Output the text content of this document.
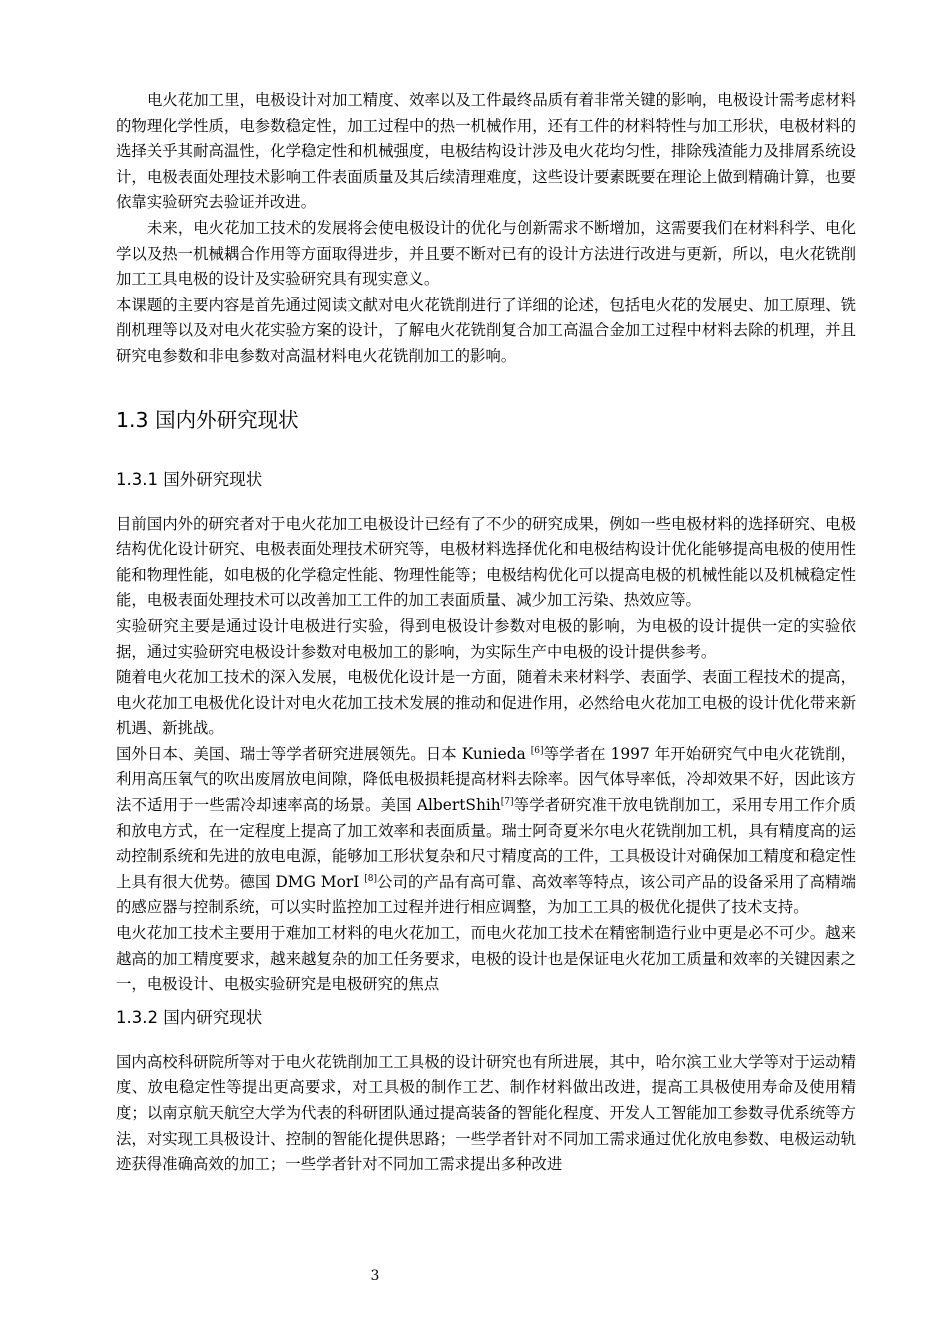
电火花加工里，电极设计对加工精度、效率以及工件最终品质有着非常关键的影响，电极设计需考虑材料的物理化学性质，电参数稳定性，加工过程中的热一机械作用，还有工件的材料特性与加工形状，电极材料的选择关乎其耐高温性，化学稳定性和机械强度，电极结构设计涉及电火花均匀性，排除残渣能力及排屑系统设计，电极表面处理技术影响工件表面质量及其后续清理难度，这些设计要素既要在理论上做到精确计算，也要依靠实验研究去验证并改进。

未来，电火花加工技术的发展将会使电极设计的优化与创新需求不断增加，这需要我们在材料科学、电化学以及热一机械耦合作用等方面取得进步，并且要不断对已有的设计方法进行改进与更新，所以，电火花铣削加工工具电极的设计及实验研究具有现实意义。

本课题的主要内容是首先通过阅读文献对电火花铣削进行了详细的论述，包括电火花的发展史、加工原理、铣削机理等以及对电火花实验方案的设计，了解电火花铣削复合加工高温合金加工过程中材料去除的机理，并且研究电参数和非电参数对高温材料电火花铣削加工的影响。

1.3 国内外研究现状
1.3.1 国外研究现状

目前国内外的研究者对于电火花加工电极设计已经有了不少的研究成果，例如一些电极材料的选择研究、电极结构优化设计研究、电极表面处理技术研究等，电极材料选择优化和电极结构设计优化能够提高电极的使用性能和物理性能，如电极的化学稳定性能、物理性能等；电极结构优化可以提高电极的机械性能以及机械稳定性能，电极表面处理技术可以改善加工工件的加工表面质量、减少加工污染、热效应等。

实验研究主要是通过设计电极进行实验，得到电极设计参数对电极的影响，为电极的设计提供一定的实验依据，通过实验研究电极设计参数对电极加工的影响，为实际生产中电极的设计提供参考。

随着电火花加工技术的深入发展，电极优化设计是一方面，随着未来材料学、表面学、表面工程技术的提高，电火花加工电极优化设计对电火花加工技术发展的推动和促进作用，必然给电火花加工电极的设计优化带来新机遇、新挑战。

国外日本、美国、瑞士等学者研究进展领先。日本 Kunieda [6]等学者在 1997 年开始研究气中电火花铣削，利用高压氧气的吹出废屑放电间隙，降低电极损耗提高材料去除率。因气体导率低，冷却效果不好，因此该方法不适用于一些需冷却速率高的场景。美国 AlbertShih[7]等学者研究准干放电铣削加工，采用专用工作介质和放电方式，在一定程度上提高了加工效率和表面质量。瑞士阿奇夏米尔电火花铣削加工机，具有精度高的运动控制系统和先进的放电电源，能够加工形状复杂和尺寸精度高的工件，工具极设计对确保加工精度和稳定性上具有很大优势。德国 DMG MorI [8]公司的产品有高可靠、高效率等特点，该公司产品的设备采用了高精端的感应器与控制系统，可以实时监控加工过程并进行相应调整，为加工工具的极优化提供了技术支持。

电火花加工技术主要用于难加工材料的电火花加工，而电火花加工技术在精密制造行业中更是必不可少。越来越高的加工精度要求，越来越复杂的加工任务要求，电极的设计也是保证电火花加工质量和效率的关键因素之一，电极设计、电极实验研究是电极研究的焦点

1.3.2 国内研究现状

国内高校科研院所等对于电火花铣削加工工具极的设计研究也有所进展，其中，哈尔滨工业大学等对于运动精度、放电稳定性等提出更高要求，对工具极的制作工艺、制作材料做出改进，提高工具极使用寿命及使用精度；以南京航天航空大学为代表的科研团队通过提高装备的智能化程度、开发人工智能加工参数寻优系统等方法，对实现工具极设计、控制的智能化提供思路；一些学者针对不同加工需求通过优化放电参数、电极运动轨迹获得准确高效的加工；一些学者针对不同加工需求提出多种改进

3
